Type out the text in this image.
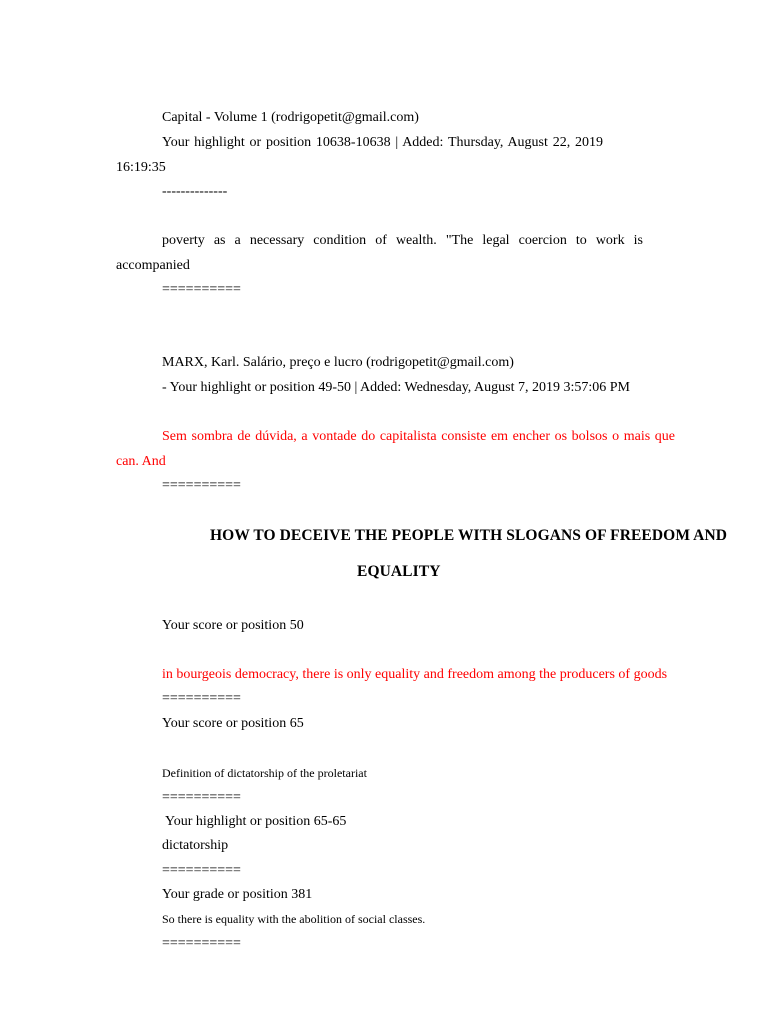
Capital - Volume 1 (rodrigopetit@gmail.com)
Your highlight or position 10638-10638 | Added: Thursday, August 22, 2019
16:19:35
--------------
poverty as a necessary condition of wealth. "The legal coercion to work is
accompanied
==========
MARX, Karl. Salário, preço e lucro (rodrigopetit@gmail.com)
- Your highlight or position 49-50 | Added: Wednesday, August 7, 2019 3:57:06 PM
Sem sombra de dúvida, a vontade do capitalista consiste em encher os bolsos o mais que
can. And
==========
HOW TO DECEIVE THE PEOPLE WITH SLOGANS OF FREEDOM AND
EQUALITY
Your score or position 50
in bourgeois democracy, there is only equality and freedom among the producers of goods
==========
Your score or position 65
Definition of dictatorship of the proletariat
==========
Your highlight or position 65-65
dictatorship
==========
Your grade or position 381
So there is equality with the abolition of social classes.
==========
